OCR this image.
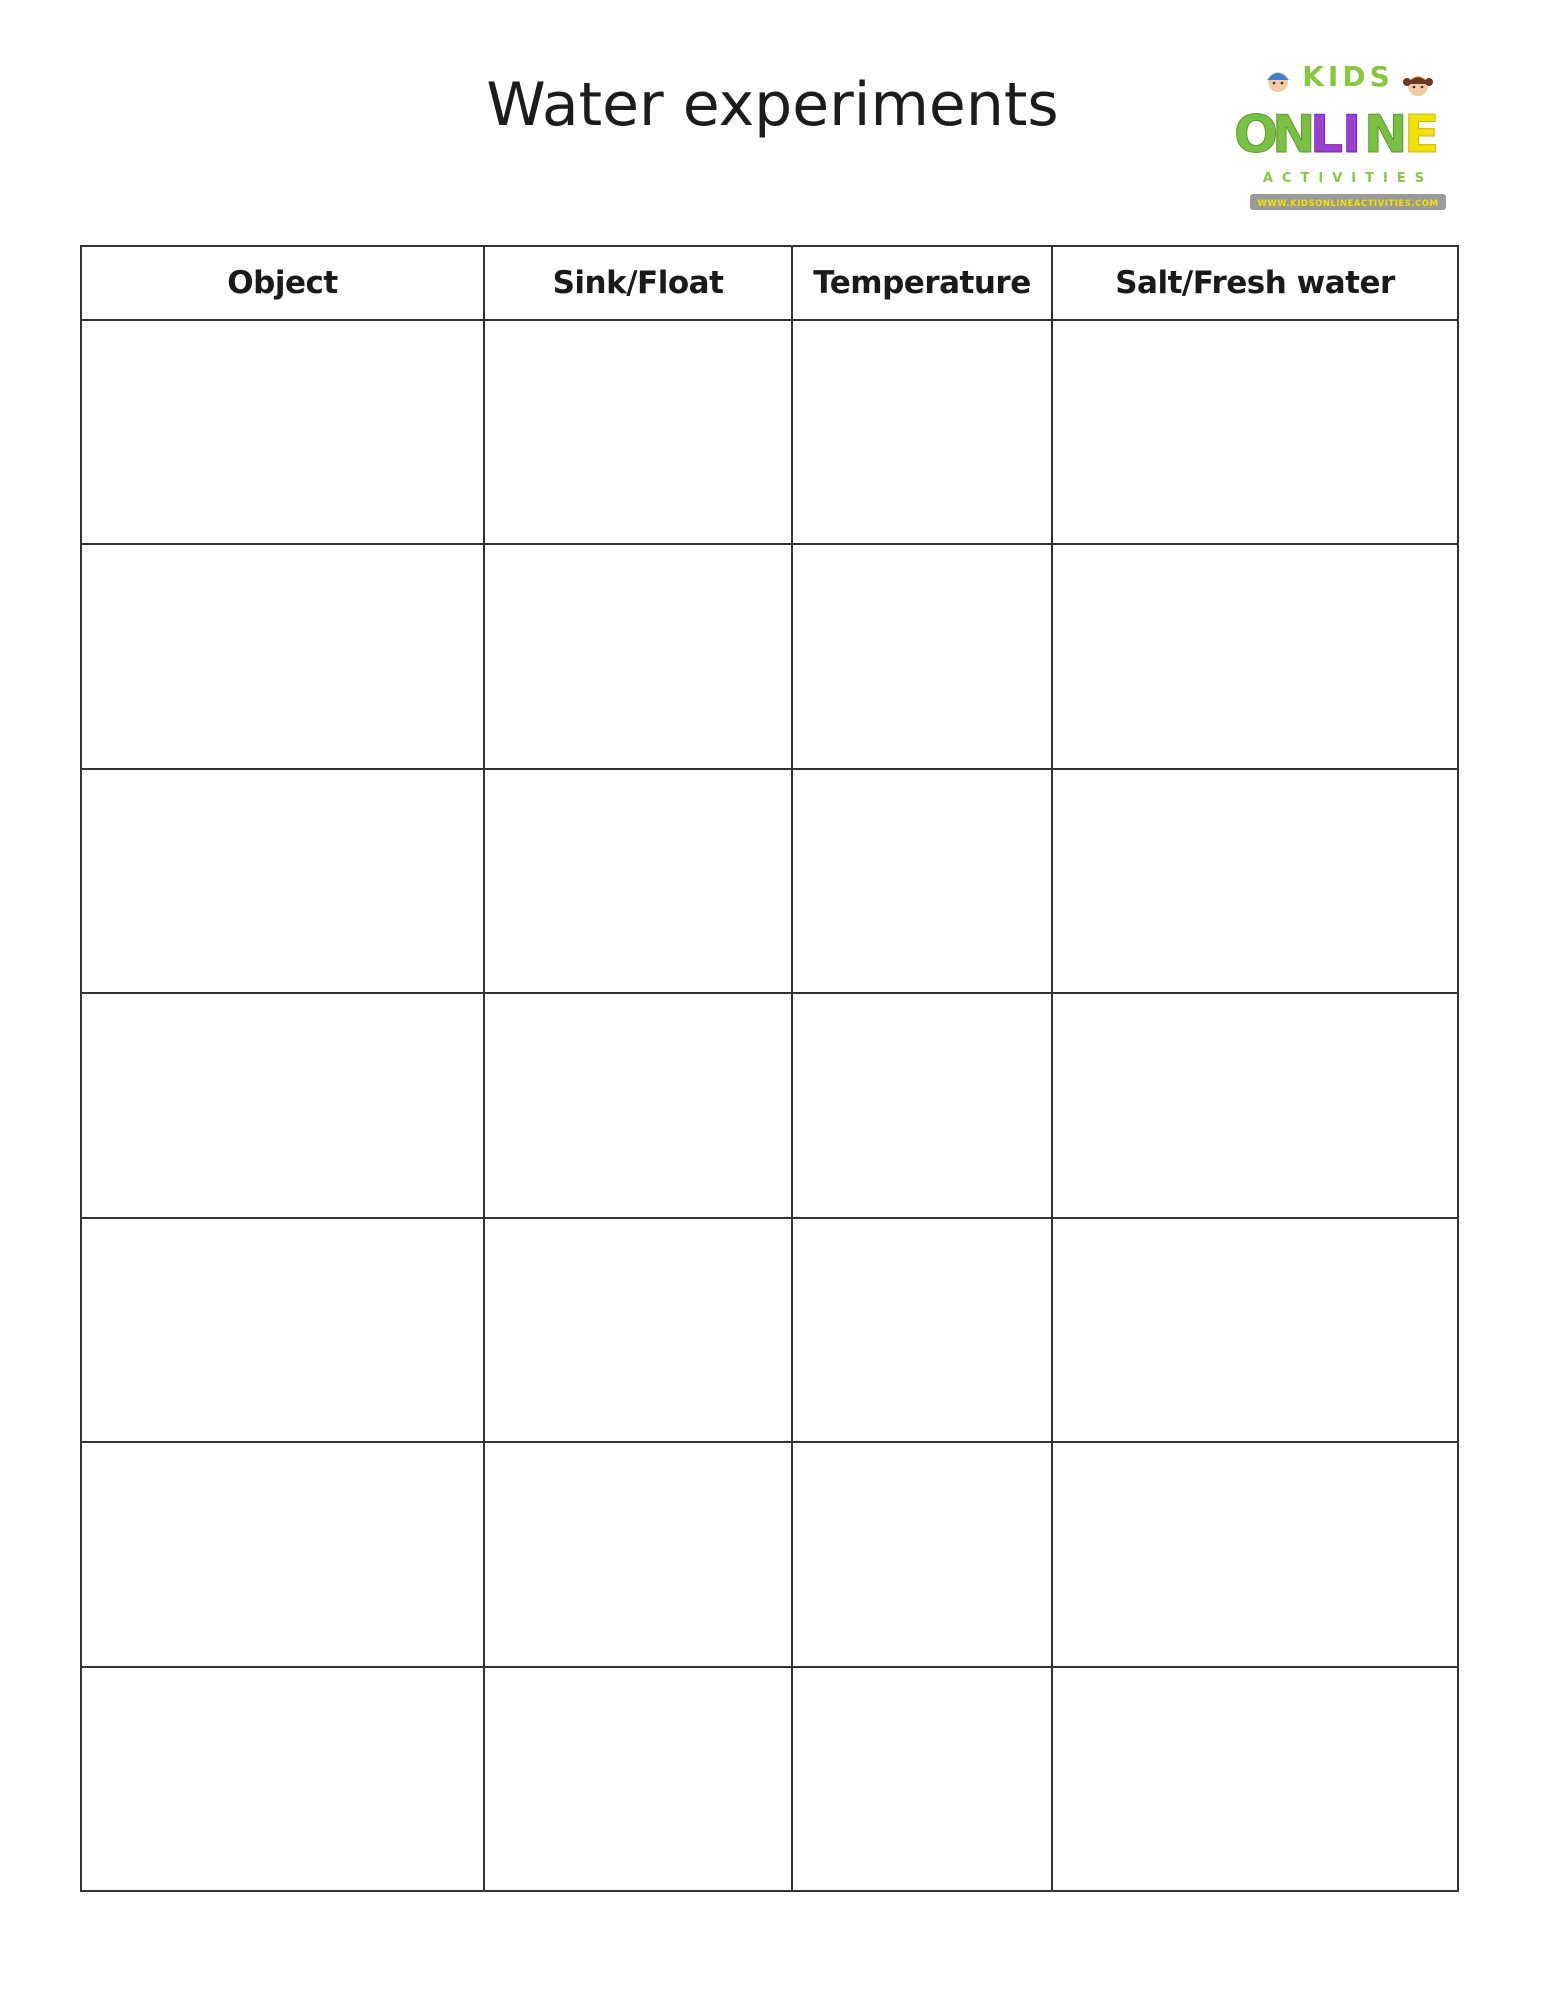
Water experiments	KIDS
O
N
L
I N
E
ACTIVITIES
WWW.KIDSONLINEACTIVITIES.COM
Object	Sink/Float	Temperature	Salt/Fresh water
